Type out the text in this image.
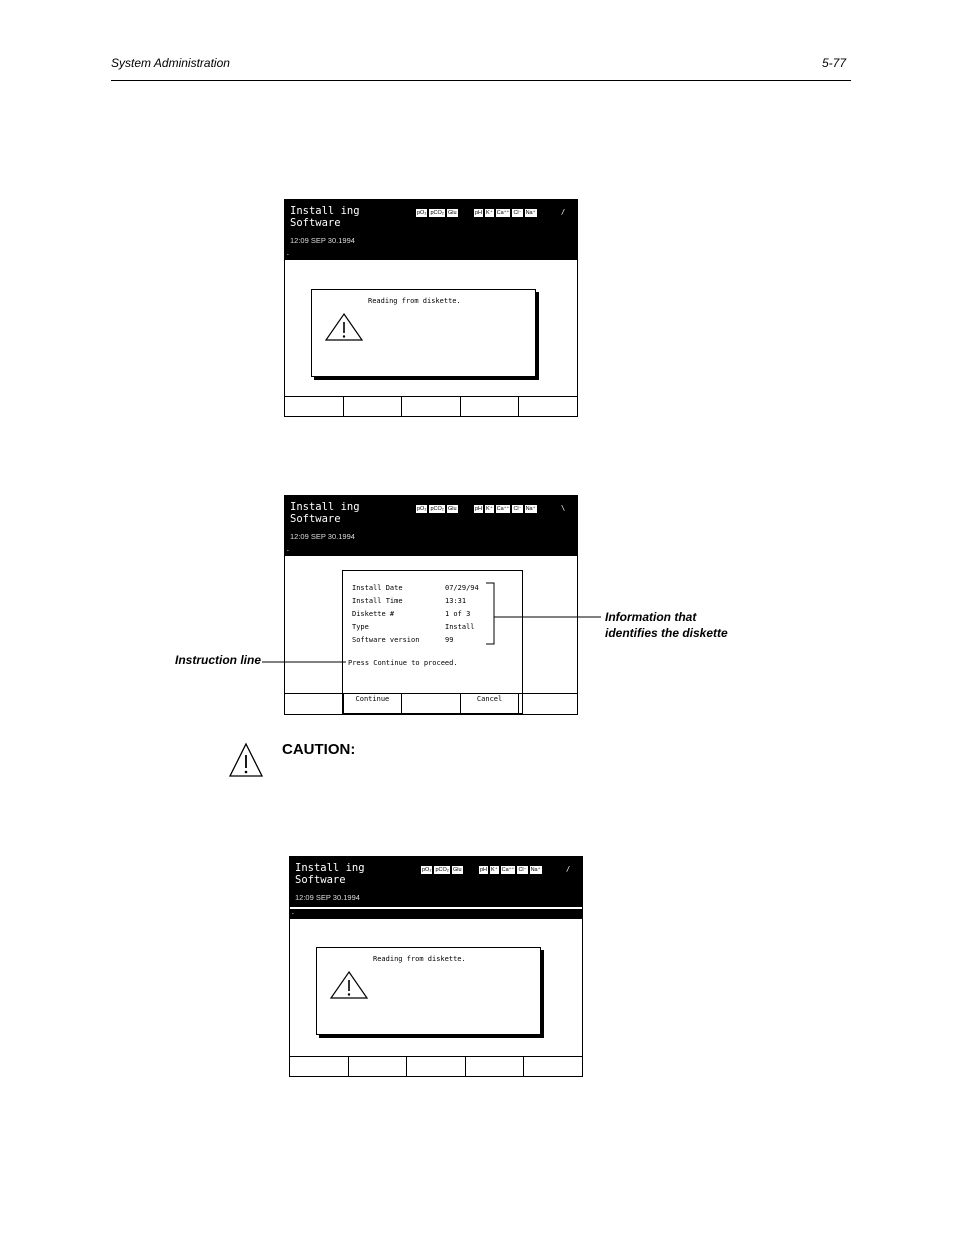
System Administration	5-77
Install ing
Software
12:09 SEP 30.1994
pO₂ pCO₂ Glu	pH K⁺ Ca⁺⁺ Cl⁻ Na⁺	/
-
Reading from diskette.
Install ing
Software
12:09 SEP 30.1994
pO₂ pCO₂ Glu	pH K⁺ Ca⁺⁺ Cl⁻ Na⁺	\
-
Install Date	07/29/94
Install Time	13:31
Diskette #	1 of 3
Type	Install
Software version	99
Press Continue to proceed.
Continue	Cancel
Information that
identifies the diskette
Instruction line
CAUTION:
Install ing
Software
12:09 SEP 30.1994
pO₂ pCO₂ Glu	pH K⁺ Ca⁺⁺ Cl⁻ Na⁺	/
-
Reading from diskette.
